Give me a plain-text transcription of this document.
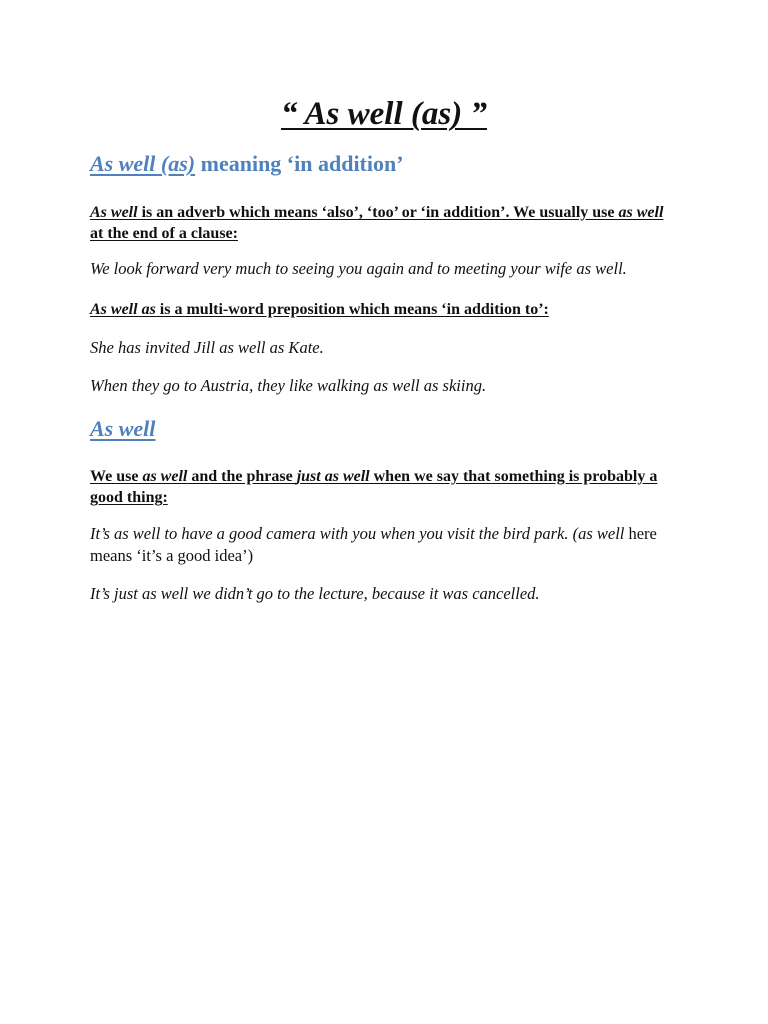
“ As well (as) ”
As well (as) meaning ‘in addition’

As well is an adverb which means ‘also’, ‘too’ or ‘in addition’. We usually use as well at the end of a clause:

We look forward very much to seeing you again and to meeting your wife as well.

As well as is a multi-word preposition which means ‘in addition to’:

She has invited Jill as well as Kate.

When they go to Austria, they like walking as well as skiing.

As well

We use as well and the phrase just as well when we say that something is probably a good thing:

It’s as well to have a good camera with you when you visit the bird park. (as well here means ‘it’s a good idea’)

It’s just as well we didn’t go to the lecture, because it was cancelled.
